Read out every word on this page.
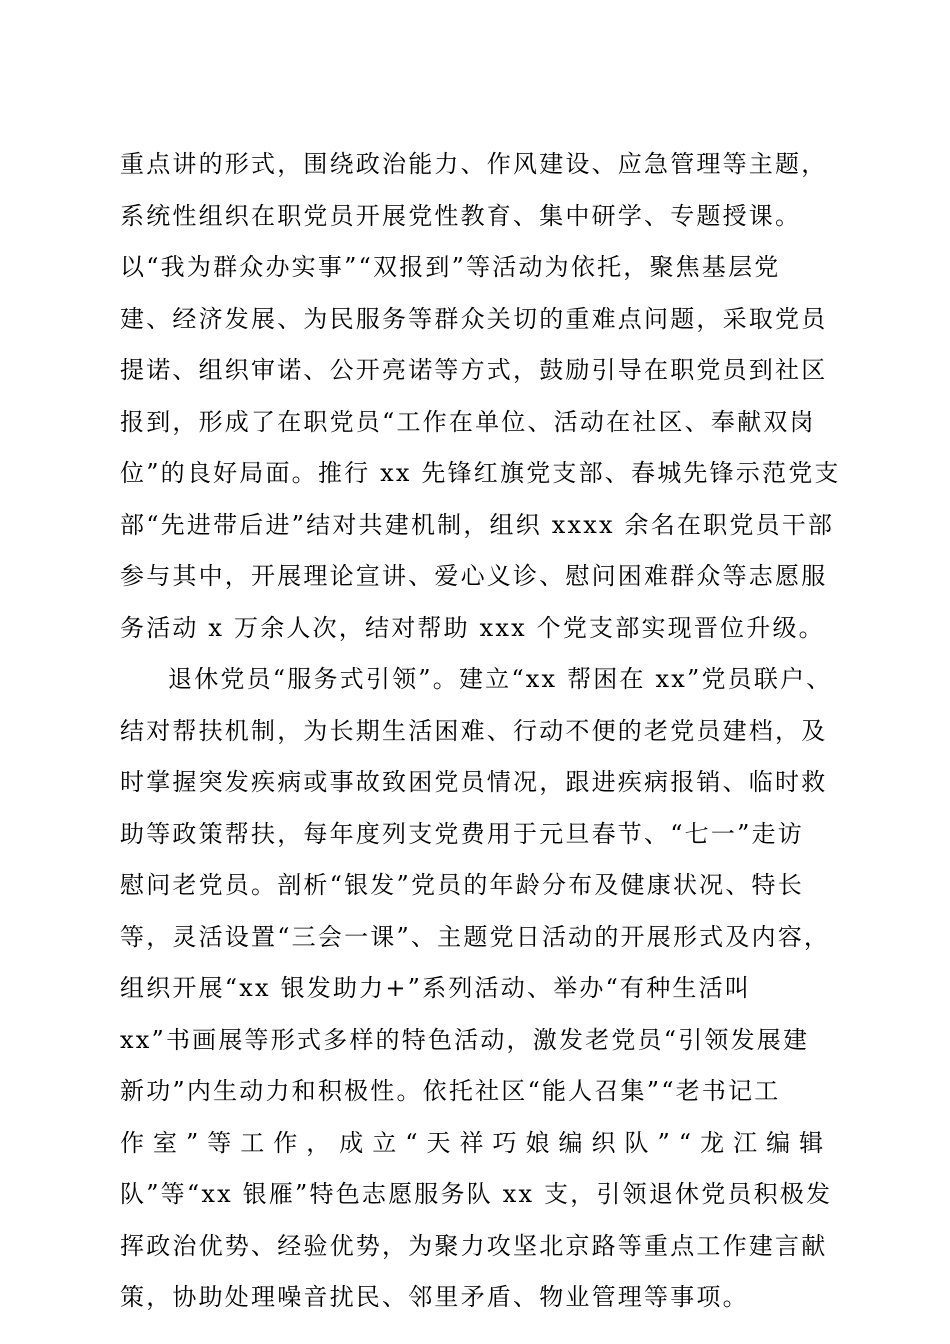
重点讲的形式，围绕政治能力、作风建设、应急管理等主题，
系统性组织在职党员开展党性教育、集中研学、专题授课。
以“我为群众办实事”“双报到”等活动为依托，聚焦基层党
建、经济发展、为民服务等群众关切的重难点问题，采取党员
提诺、组织审诺、公开亮诺等方式，鼓励引导在职党员到社区
报到，形成了在职党员“工作在单位、活动在社区、奉献双岗
位”的良好局面。推行 xx 先锋红旗党支部、春城先锋示范党支
部“先进带后进”结对共建机制，组织 xxxx 余名在职党员干部
参与其中，开展理论宣讲、爱心义诊、慰问困难群众等志愿服
务活动 x 万余人次，结对帮助 xxx 个党支部实现晋位升级。
退休党员“服务式引领”。建立“xx 帮困在 xx”党员联户、
结对帮扶机制，为长期生活困难、行动不便的老党员建档，及
时掌握突发疾病或事故致困党员情况，跟进疾病报销、临时救
助等政策帮扶，每年度列支党费用于元旦春节、“七一”走访
慰问老党员。剖析“银发”党员的年龄分布及健康状况、特长
等，灵活设置“三会一课”、主题党日活动的开展形式及内容，
组织开展“xx 银发助力+”系列活动、举办“有种生活叫
xx”书画展等形式多样的特色活动，激发老党员“引领发展建
新功”内生动力和积极性。依托社区“能人召集”“老书记工
作室”等工作，成立“天祥巧娘编织队”“龙江编辑
队”等“xx 银雁”特色志愿服务队 xx 支，引领退休党员积极发
挥政治优势、经验优势，为聚力攻坚北京路等重点工作建言献
策，协助处理噪音扰民、邻里矛盾、物业管理等事项。
